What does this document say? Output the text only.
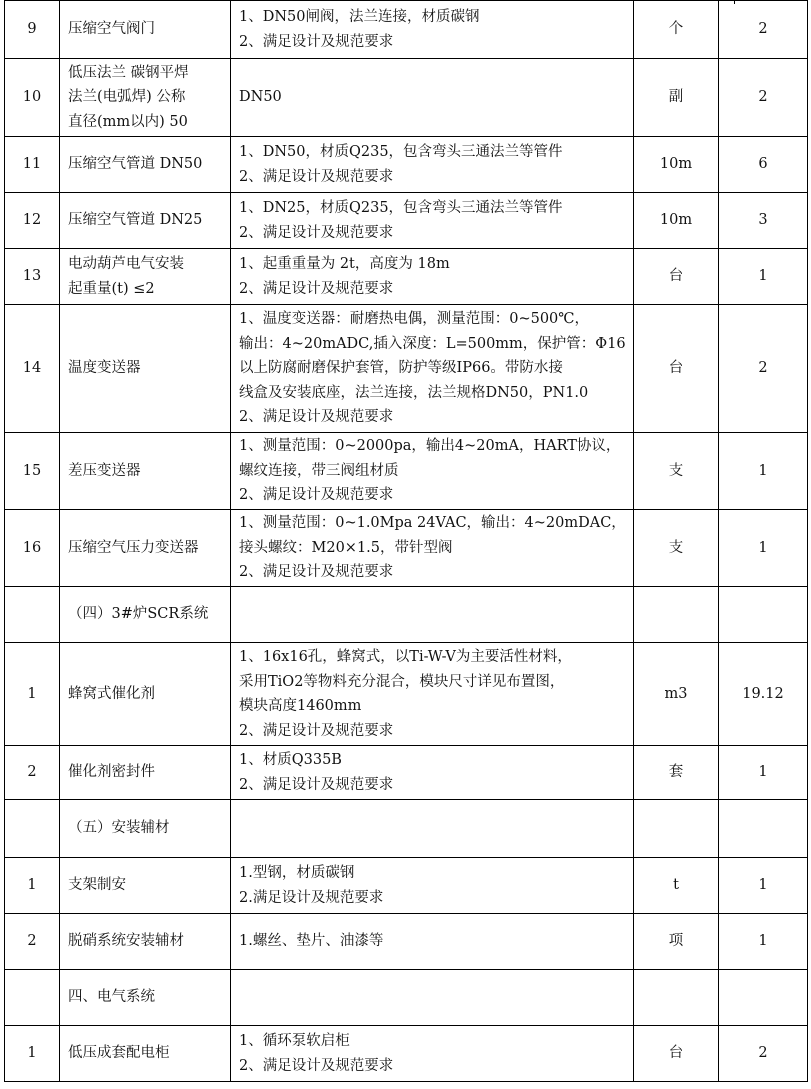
9	压缩空气阀门	1、DN50闸阀，法兰连接，材质碳钢
2、满足设计及规范要求	个	2
10	低压法兰 碳钢平焊
法兰(电弧焊) 公称
直径(mm以内) 50	DN50	副	2
11	压缩空气管道 DN50	1、DN50，材质Q235，包含弯头三通法兰等管件
2、满足设计及规范要求	10m	6
12	压缩空气管道 DN25	1、DN25，材质Q235，包含弯头三通法兰等管件
2、满足设计及规范要求	10m	3
13	电动葫芦电气安装
起重量(t) ≤2	1、起重重量为 2t，高度为 18m
2、满足设计及规范要求	台	1
14	温度变送器	1、温度变送器：耐磨热电偶，测量范围：0~500℃，
输出：4~20mADC,插入深度：L=500mm，保护管：Φ16
以上防腐耐磨保护套管，防护等级IP66。带防水接
线盒及安装底座，法兰连接，法兰规格DN50，PN1.0
2、满足设计及规范要求	台	2
15	差压变送器	1、测量范围：0~2000pa，输出4~20mA，HART协议，
螺纹连接，带三阀组材质
2、满足设计及规范要求	支	1
16	压缩空气压力变送器	1、测量范围：0~1.0Mpa 24VAC，输出：4~20mDAC，
接头螺纹：M20×1.5，带针型阀
2、满足设计及规范要求	支	1

	（四）3#炉SCR系统			

1	蜂窝式催化剂	1、16x16孔，蜂窝式，以Ti-W-V为主要活性材料，
采用TiO2等物料充分混合，模块尺寸详见布置图，
模块高度1460mm
2、满足设计及规范要求	m3	19.12
2	催化剂密封件	1、材质Q335B
2、满足设计及规范要求	套	1

	（五）安装辅材			

1	支架制安	1.型钢，材质碳钢
2.满足设计及规范要求	t	1
2	脱硝系统安装辅材	1.螺丝、垫片、油漆等	项	1

	四、电气系统			

1	低压成套配电柜	1、循环泵软启柜
2、满足设计及规范要求	台	2
